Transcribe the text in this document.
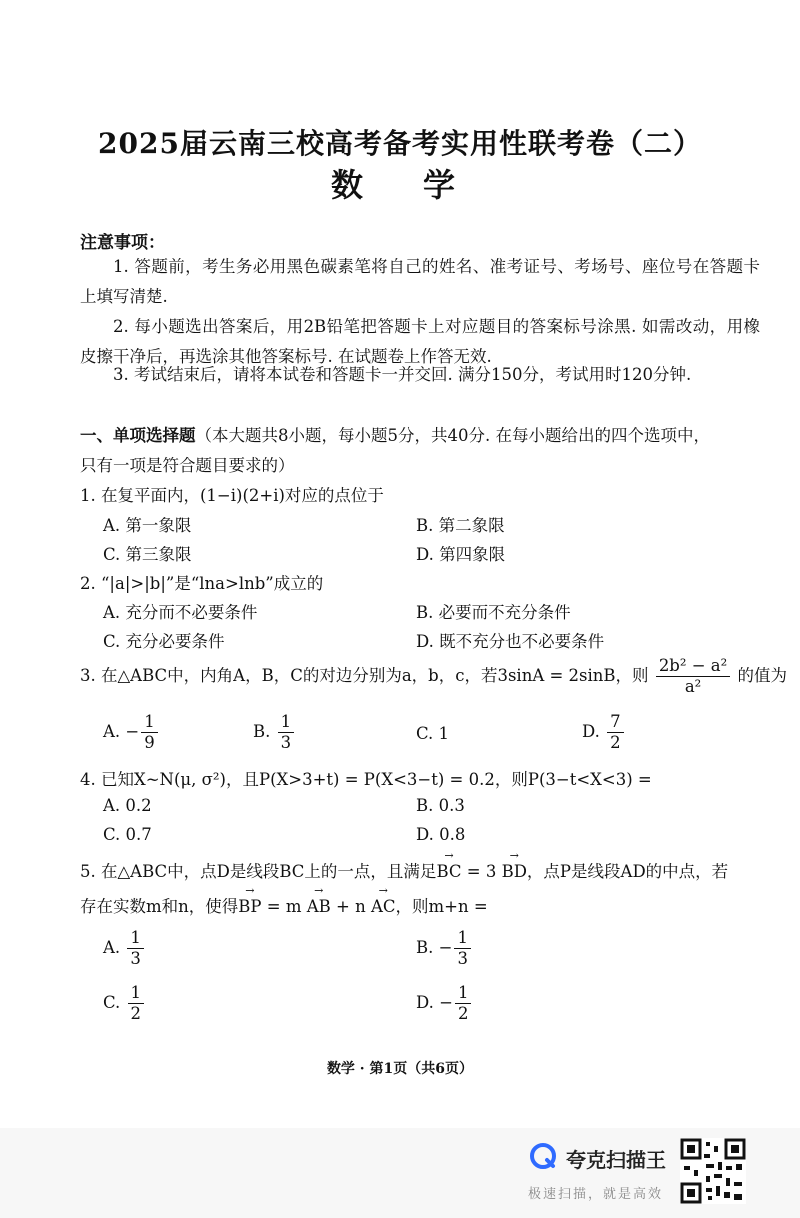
2025届云南三校高考备考实用性联考卷（二）
数　学
注意事项：
1. 答题前，考生务必用黑色碳素笔将自己的姓名、准考证号、考场号、座位号在答题卡上填写清楚.
2. 每小题选出答案后，用2B铅笔把答题卡上对应题目的答案标号涂黑. 如需改动，用橡皮擦干净后，再选涂其他答案标号. 在试题卷上作答无效.
3. 考试结束后，请将本试卷和答题卡一并交回. 满分150分，考试用时120分钟.
一、单项选择题（本大题共8小题，每小题5分，共40分. 在每小题给出的四个选项中，
只有一项是符合题目要求的）
1. 在复平面内，(1−i)(2+i)对应的点位于
A. 第一象限	B. 第二象限
C. 第三象限	D. 第四象限
2. “|a|>|b|”是“lna>lnb”成立的
A. 充分而不必要条件	B. 必要而不充分条件
C. 充分必要条件	D. 既不充分也不必要条件
3. 在△ABC中，内角A，B，C的对边分别为a，b，c，若3sinA = 2sinB，则 $\frac{\text{2b² − a²}}{\text{a²}}$ 的值为
A. − $\frac{1}{9}$	B. $\frac{1}{3}$	C. 1	D. $\frac{7}{2}$
4. 已知X~N(μ, σ²)，且P(X>3+t) = P(X<3−t) = 0.2，则P(3−t<X<3) =
A. 0.2	B. 0.3
C. 0.7	D. 0.8
5. 在△ABC中，点D是线段BC上的一点，且满足→ BC = 3 → BD，点P是线段AD的中点，若
存在实数m和n，使得→ BP = m → AB + n → AC，则m+n =
A. $\frac{1}{3}$	B. − $\frac{1}{3}$
C. $\frac{1}{2}$	D. − $\frac{1}{2}$
数学 · 第1页（共6页）
夸克扫描王
极速扫描，就是高效
